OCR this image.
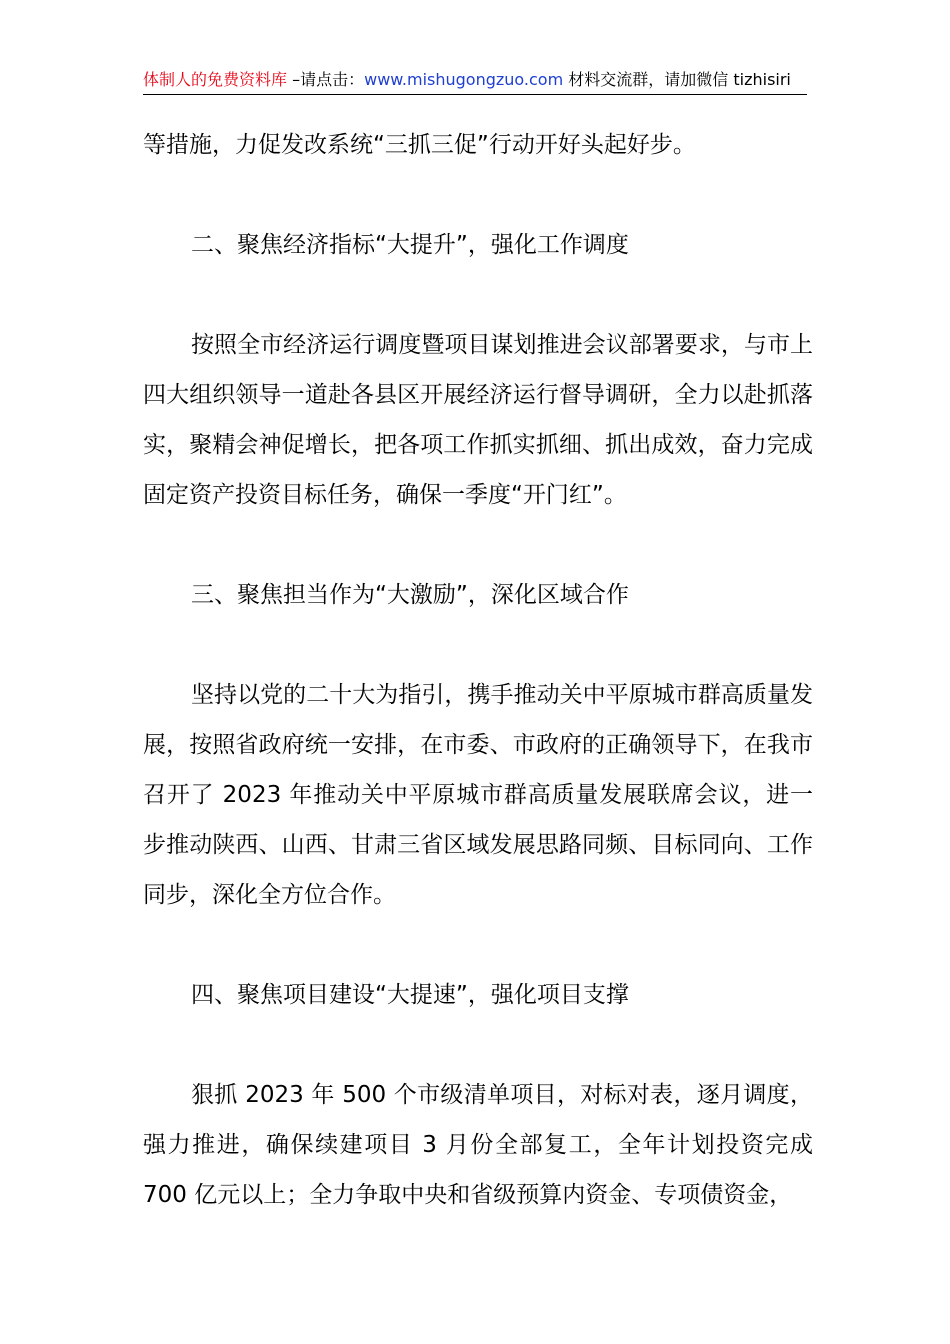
体制人的免费资料库 –请点击：www.mishugongzuo.com 材料交流群，请加微信 tizhisiri

等措施，力促发改系统“三抓三促”行动开好头起好步。

二、聚焦经济指标“大提升”，强化工作调度

按照全市经济运行调度暨项目谋划推进会议部署要求，与市上四大组织领导一道赴各县区开展经济运行督导调研，全力以赴抓落实，聚精会神促增长，把各项工作抓实抓细、抓出成效，奋力完成固定资产投资目标任务，确保一季度“开门红”。

三、聚焦担当作为“大激励”，深化区域合作

坚持以党的二十大为指引，携手推动关中平原城市群高质量发展，按照省政府统一安排，在市委、市政府的正确领导下，在我市召开了 2023 年推动关中平原城市群高质量发展联席会议，进一步推动陕西、山西、甘肃三省区域发展思路同频、目标同向、工作同步，深化全方位合作。

四、聚焦项目建设“大提速”，强化项目支撑

狠抓 2023 年 500 个市级清单项目，对标对表，逐月调度，强力推进，确保续建项目 3 月份全部复工，全年计划投资完成 700 亿元以上；全力争取中央和省级预算内资金、专项债资金，
